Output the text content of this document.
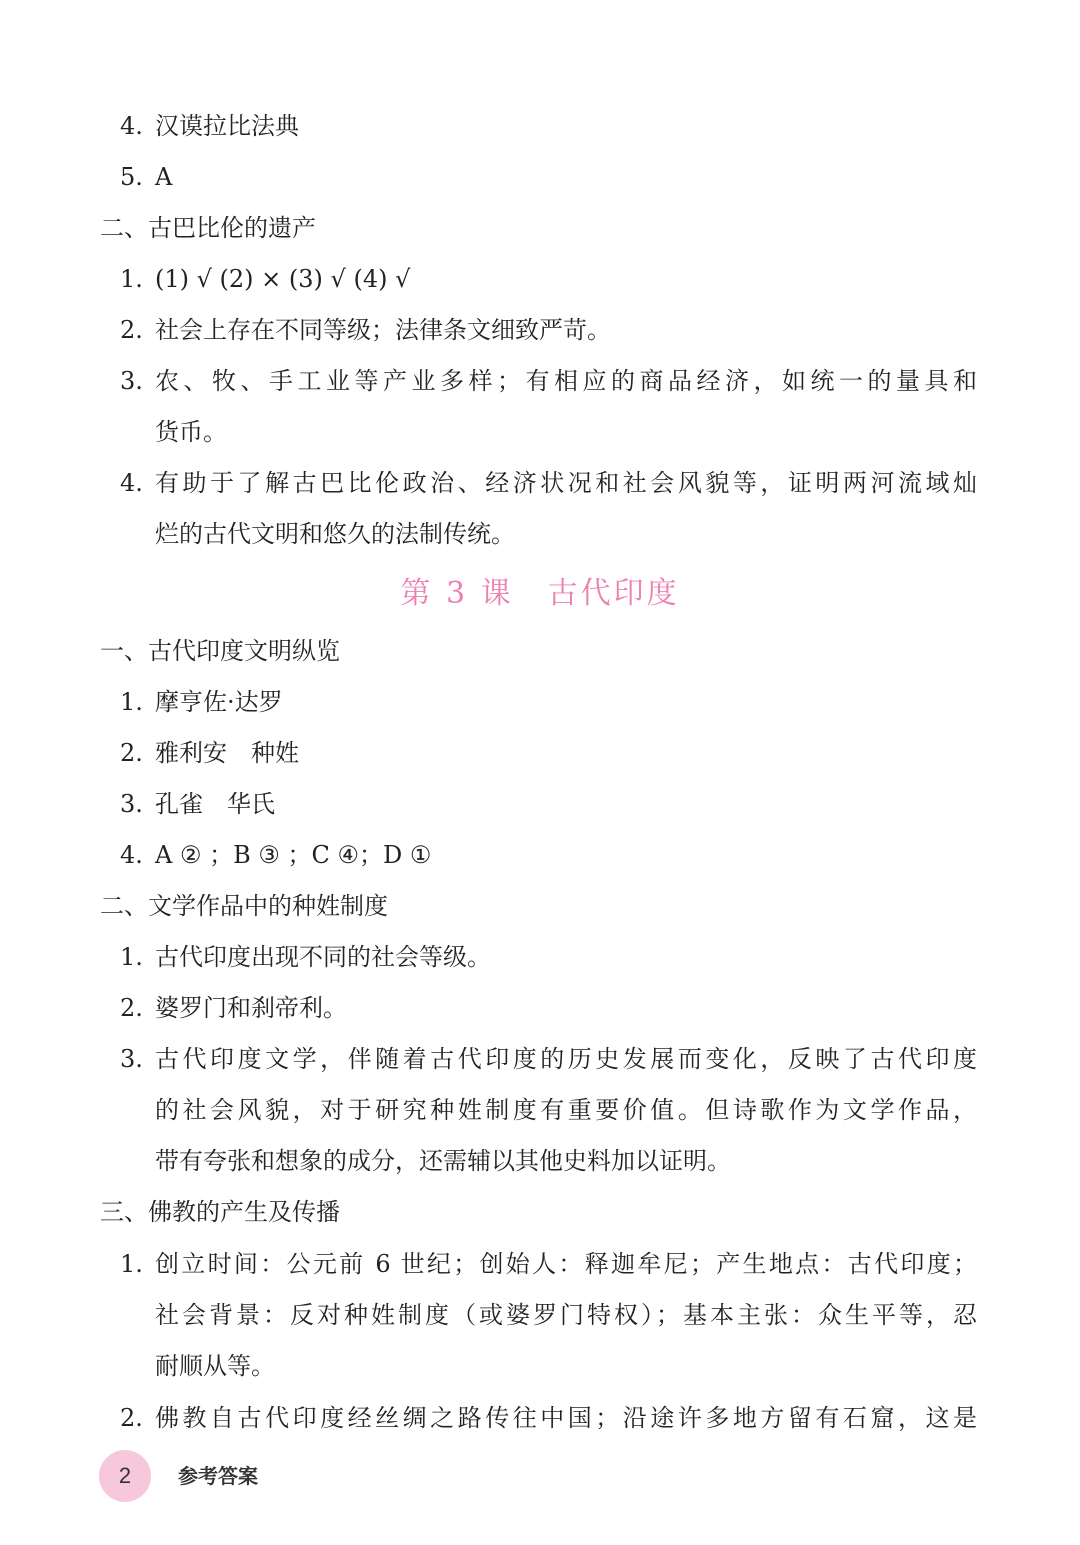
4. 汉谟拉比法典
5. A
二、古巴比伦的遗产
1. (1) √ (2) × (3) √ (4) √
2. 社会上存在不同等级；法律条文细致严苛。
3. 农、牧、手工业等产业多样；有相应的商品经济，如统一的量具和
货币。
4. 有助于了解古巴比伦政治、经济状况和社会风貌等，证明两河流域灿
烂的古代文明和悠久的法制传统。
第 3 课 古代印度
一、古代印度文明纵览
1. 摩亨佐·达罗
2. 雅利安　种姓
3. 孔雀　华氏
4. A ② ；B ③ ；C ④；D ①
二、文学作品中的种姓制度
1. 古代印度出现不同的社会等级。
2. 婆罗门和刹帝利。
3. 古代印度文学，伴随着古代印度的历史发展而变化，反映了古代印度
的社会风貌，对于研究种姓制度有重要价值。但诗歌作为文学作品，
带有夸张和想象的成分，还需辅以其他史料加以证明。
三、佛教的产生及传播
1. 创立时间：公元前 6 世纪；创始人：释迦牟尼；产生地点：古代印度；
社会背景：反对种姓制度（或婆罗门特权）；基本主张：众生平等，忍
耐顺从等。
2. 佛教自古代印度经丝绸之路传往中国；沿途许多地方留有石窟，这是
2 参考答案
